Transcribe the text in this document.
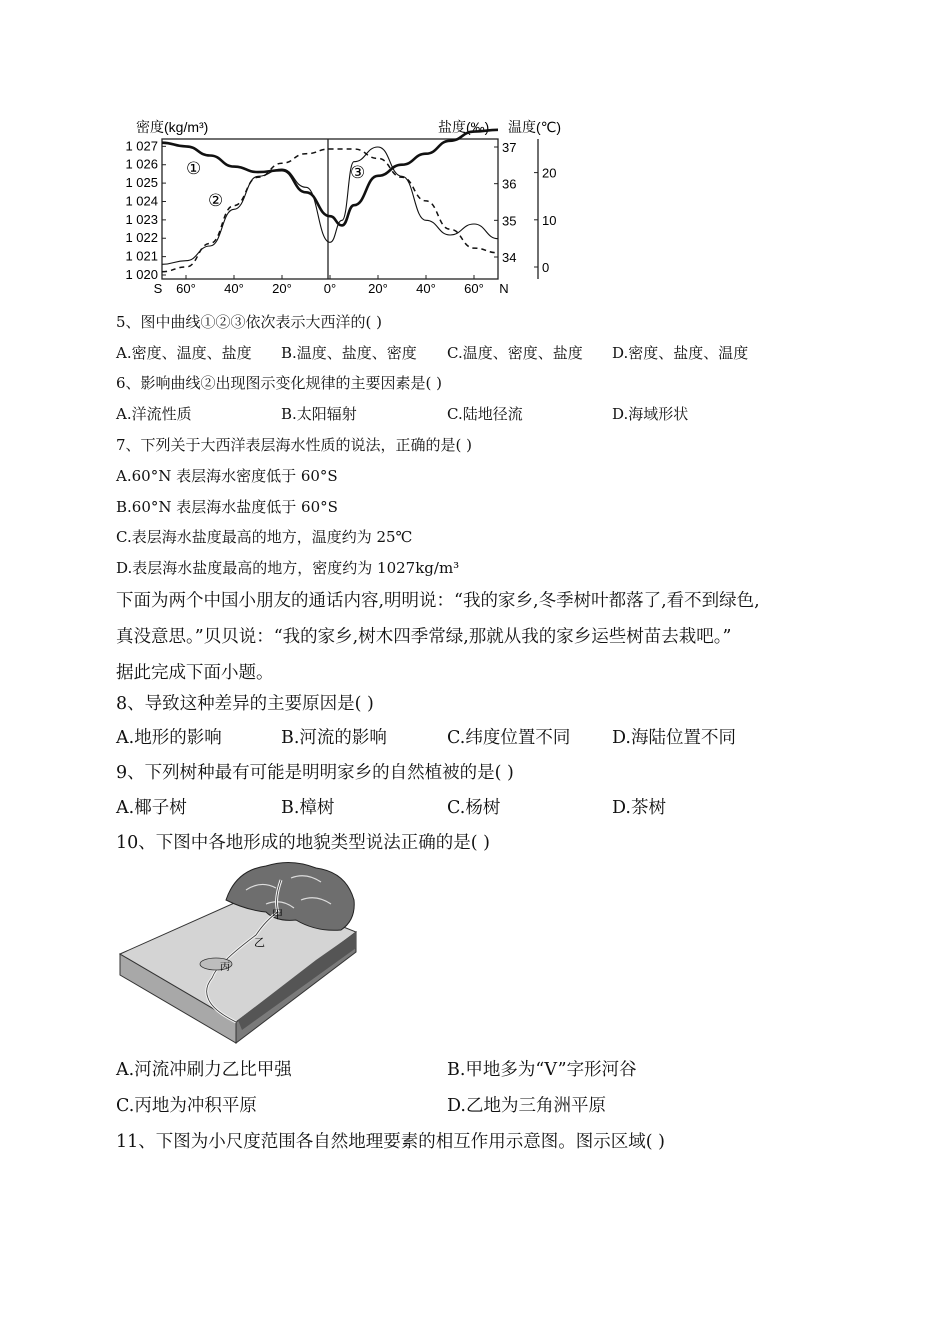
密度(kg/m³)	盐度(‰) 温度(℃)
1 027
1 026
1 025
1 024
1 023
1 022
1 021
1 020
37
36
35
34
20
10
0
S 60° 40° 20° 0° 20° 40° 60° N
①
②
③
5、图中曲线①②③依次表示大西洋的( )
A.密度、温度、盐度 B.温度、盐度、密度 C.温度、密度、盐度 D.密度、盐度、温度
6、影响曲线②出现图示变化规律的主要因素是( )
A.洋流性质	B.太阳辐射	C.陆地径流	D.海域形状
7、下列关于大西洋表层海水性质的说法，正确的是( )
A.60°N 表层海水密度低于 60°S
B.60°N 表层海水盐度低于 60°S
C.表层海水盐度最高的地方，温度约为 25℃
D.表层海水盐度最高的地方，密度约为 1027kg/m³
下面为两个中国小朋友的通话内容,明明说：“我的家乡,冬季树叶都落了,看不到绿色,
真没意思。”贝贝说：“我的家乡,树木四季常绿,那就从我的家乡运些树苗去栽吧。”
据此完成下面小题。
8、导致这种差异的主要原因是( )
A.地形的影响	B.河流的影响	C.纬度位置不同 D.海陆位置不同
9、下列树种最有可能是明明家乡的自然植被的是( )
A.椰子树	B.樟树	C.杨树	D.茶树
10、下图中各地形成的地貌类型说法正确的是( )
甲
乙
丙
A.河流冲刷力乙比甲强	B.甲地多为“V”字形河谷
C.丙地为冲积平原	D.乙地为三角洲平原
11、下图为小尺度范围各自然地理要素的相互作用示意图。图示区域( )
